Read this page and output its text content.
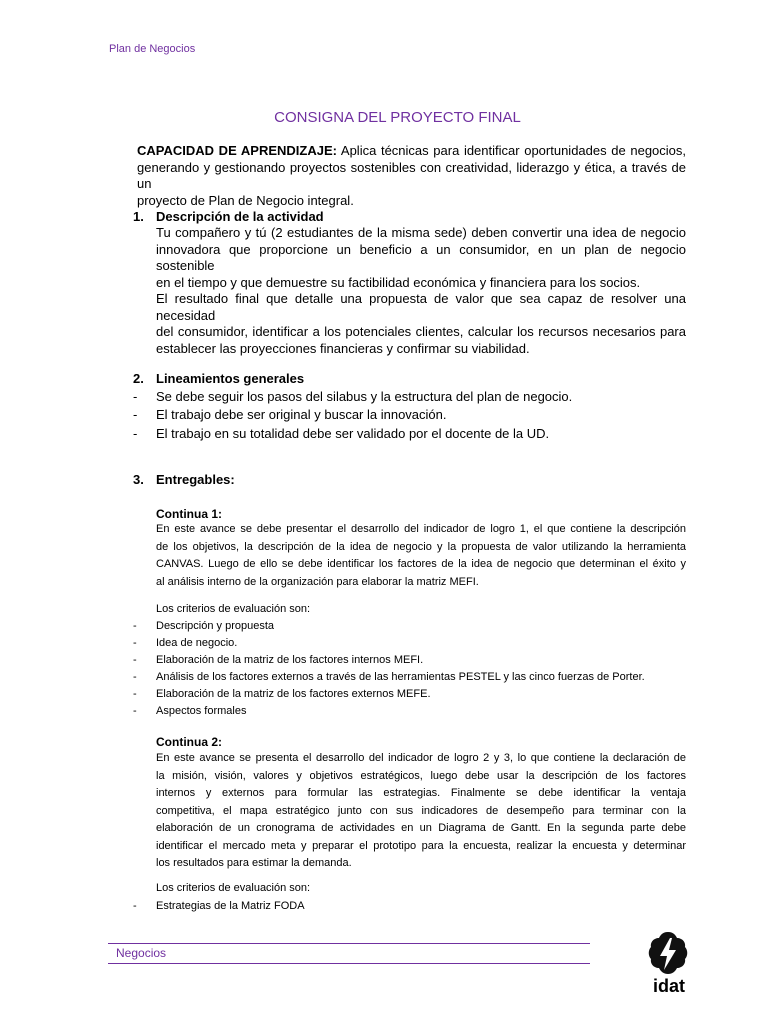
Plan de Negocios
CONSIGNA DEL PROYECTO FINAL
CAPACIDAD DE APRENDIZAJE: Aplica técnicas para identificar oportunidades de negocios,
generando y gestionando proyectos sostenibles con creatividad, liderazgo y ética, a través de un
proyecto de Plan de Negocio integral.
1. Descripción de la actividad
Tu compañero y tú (2 estudiantes de la misma sede) deben convertir una idea de negocio
innovadora que proporcione un beneficio a un consumidor, en un plan de negocio sostenible
en el tiempo y que demuestre su factibilidad económica y financiera para los socios.
El resultado final que detalle una propuesta de valor que sea capaz de resolver una necesidad
del consumidor, identificar a los potenciales clientes, calcular los recursos necesarios para
establecer las proyecciones financieras y confirmar su viabilidad.
2. Lineamientos generales
- Se debe seguir los pasos del silabus y la estructura del plan de negocio.
- El trabajo debe ser original y buscar la innovación.
- El trabajo en su totalidad debe ser validado por el docente de la UD.
3. Entregables:
Continua 1:
En este avance se debe presentar el desarrollo del indicador de logro 1, el que contiene la descripción
de los objetivos, la descripción de la idea de negocio y la propuesta de valor utilizando la herramienta
CANVAS. Luego de ello se debe identificar los factores de la idea de negocio que determinan el éxito y
al análisis interno de la organización para elaborar la matriz MEFI.
Los criterios de evaluación son:
- Descripción y propuesta
- Idea de negocio.
- Elaboración de la matriz de los factores internos MEFI.
- Análisis de los factores externos a través de las herramientas PESTEL y las cinco fuerzas de Porter.
- Elaboración de la matriz de los factores externos MEFE.
- Aspectos formales
Continua 2:
En este avance se presenta el desarrollo del indicador de logro 2 y 3, lo que contiene la declaración de
la misión, visión, valores y objetivos estratégicos, luego debe usar la descripción de los factores
internos y externos para formular las estrategias. Finalmente se debe identificar la ventaja
competitiva, el mapa estratégico junto con sus indicadores de desempeño para terminar con la
elaboración de un cronograma de actividades en un Diagrama de Gantt. En la segunda parte debe
identificar el mercado meta y preparar el prototipo para la encuesta, realizar la encuesta y determinar
los resultados para estimar la demanda.
Los criterios de evaluación son:
- Estrategias de la Matriz FODA
Negocios
idat
